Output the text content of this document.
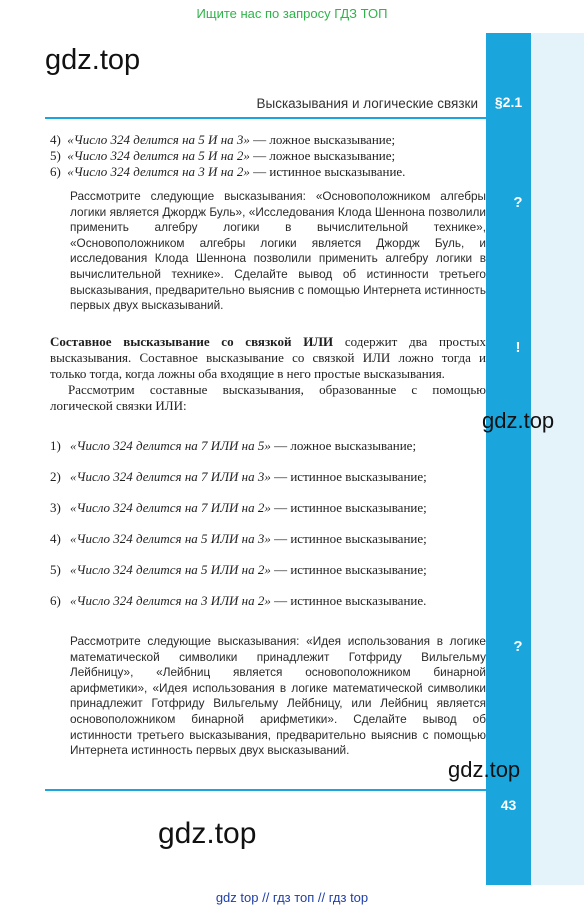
Ищите нас по запросу ГДЗ ТОП
gdz.top
Высказывания и логические связки	§2.1
4) «Число 324 делится на 5 И на 3» — ложное высказывание;
5) «Число 324 делится на 5 И на 2» — ложное высказывание;
6) «Число 324 делится на 3 И на 2» — истинное высказывание.

Рассмотрите следующие высказывания: «Основоположником алгебры логики является Джордж Буль», «Исследования Клода Шеннона позволили применить алгебру логики в вычислительной технике», «Основоположником алгебры логики является Джордж Буль, и исследования Клода Шеннона позволили применить алгебру логики в вычислительной технике». Сделайте вывод об истинности третьего высказывания, предварительно выяснив с помощью Интернета истинность первых двух высказываний.

?

Составное высказывание со связкой ИЛИ содержит два простых высказывания. Составное высказывание со связкой ИЛИ ложно тогда и только тогда, когда ложны оба входящие в него простые высказывания.

Рассмотрим составные высказывания, образованные с помощью логической связки ИЛИ:

!
gdz.top
1) «Число 324 делится на 7 ИЛИ на 5» — ложное высказывание;
2) «Число 324 делится на 7 ИЛИ на 3» — истинное высказывание;
3) «Число 324 делится на 7 ИЛИ на 2» — истинное высказывание;
4) «Число 324 делится на 5 ИЛИ на 3» — истинное высказывание;
5) «Число 324 делится на 5 ИЛИ на 2» — истинное высказывание;
6) «Число 324 делится на 3 ИЛИ на 2» — истинное высказывание.

Рассмотрите следующие высказывания: «Идея использования в логике математической символики принадлежит Готфриду Вильгельму Лейбницу», «Лейбниц является основоположником бинарной арифметики», «Идея использования в логике математической символики принадлежит Готфриду Вильгельму Лейбницу, или Лейбниц является основоположником бинарной арифметики». Сделайте вывод об истинности третьего высказывания, предварительно выяснив с помощью Интернета истинность первых двух высказываний.

?
gdz.top
43
gdz.top
gdz top // гдз топ // гдз top
